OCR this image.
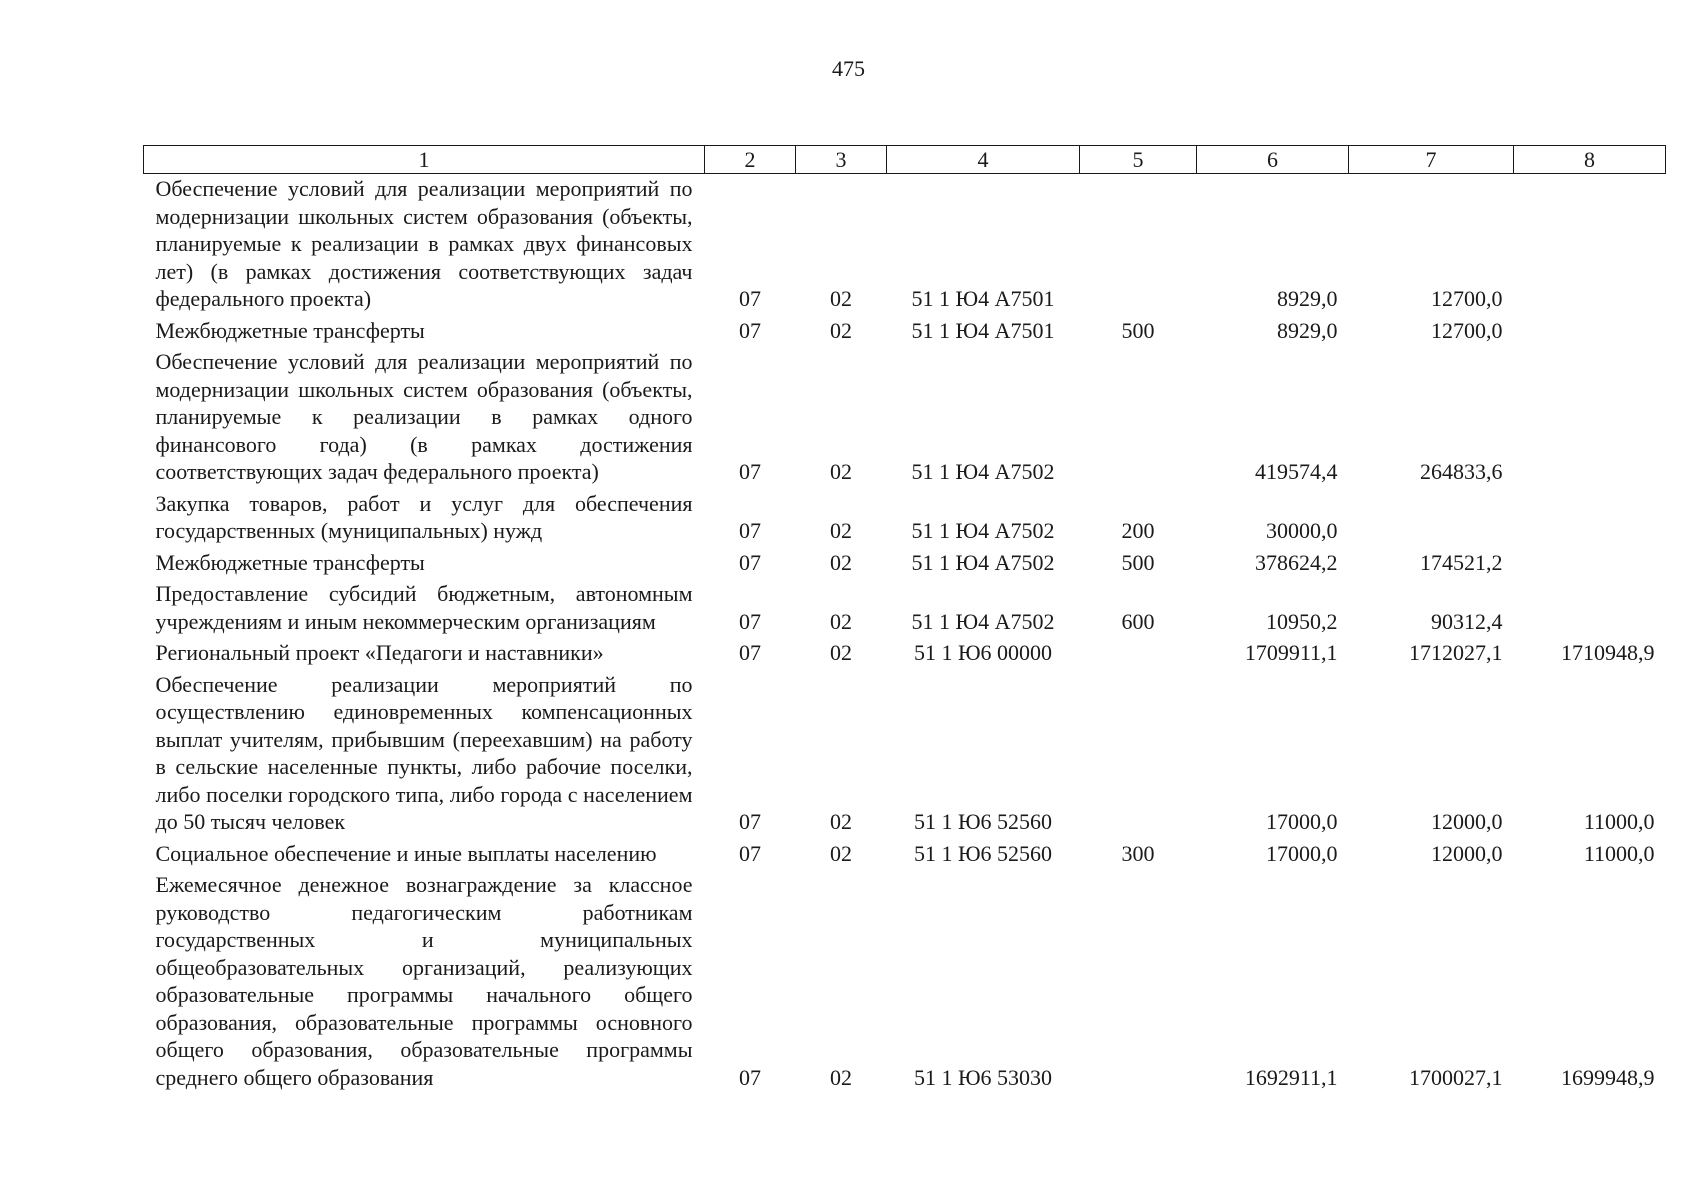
475
1	2	3	4	5	6	7	8
Обеспечение условий для реализации мероприятий по модернизации школьных систем образования (объекты, планируемые к реализации в рамках двух финансовых лет) (в рамках достижения соответствующих задач федерального проекта)	07	02	51 1 Ю4 А7501		8929,0	12700,0	
Межбюджетные трансферты	07	02	51 1 Ю4 А7501	500	8929,0	12700,0	
Обеспечение условий для реализации мероприятий по модернизации школьных систем образования (объекты, планируемые к реализации в рамках одного финансового года) (в рамках достижения соответствующих задач федерального проекта)	07	02	51 1 Ю4 А7502		419574,4	264833,6	
Закупка товаров, работ и услуг для обеспечения государственных (муниципальных) нужд	07	02	51 1 Ю4 А7502	200	30000,0		
Межбюджетные трансферты	07	02	51 1 Ю4 А7502	500	378624,2	174521,2	
Предоставление субсидий бюджетным, автономным учреждениям и иным некоммерческим организациям	07	02	51 1 Ю4 А7502	600	10950,2	90312,4	
Региональный проект «Педагоги и наставники»	07	02	51 1 Ю6 00000		1709911,1	1712027,1	1710948,9
Обеспечение реализации мероприятий по осуществлению единовременных компенсационных выплат учителям, прибывшим (переехавшим) на работу в сельские населенные пункты, либо рабочие поселки, либо поселки городского типа, либо города с населением до 50 тысяч человек	07	02	51 1 Ю6 52560		17000,0	12000,0	11000,0
Социальное обеспечение и иные выплаты населению	07	02	51 1 Ю6 52560	300	17000,0	12000,0	11000,0
Ежемесячное денежное вознаграждение за классное руководство педагогическим работникам государственных и муниципальных общеобразовательных организаций, реализующих образовательные программы начального общего образования, образовательные программы основного общего образования, образовательные программы среднего общего образования	07	02	51 1 Ю6 53030		1692911,1	1700027,1	1699948,9
